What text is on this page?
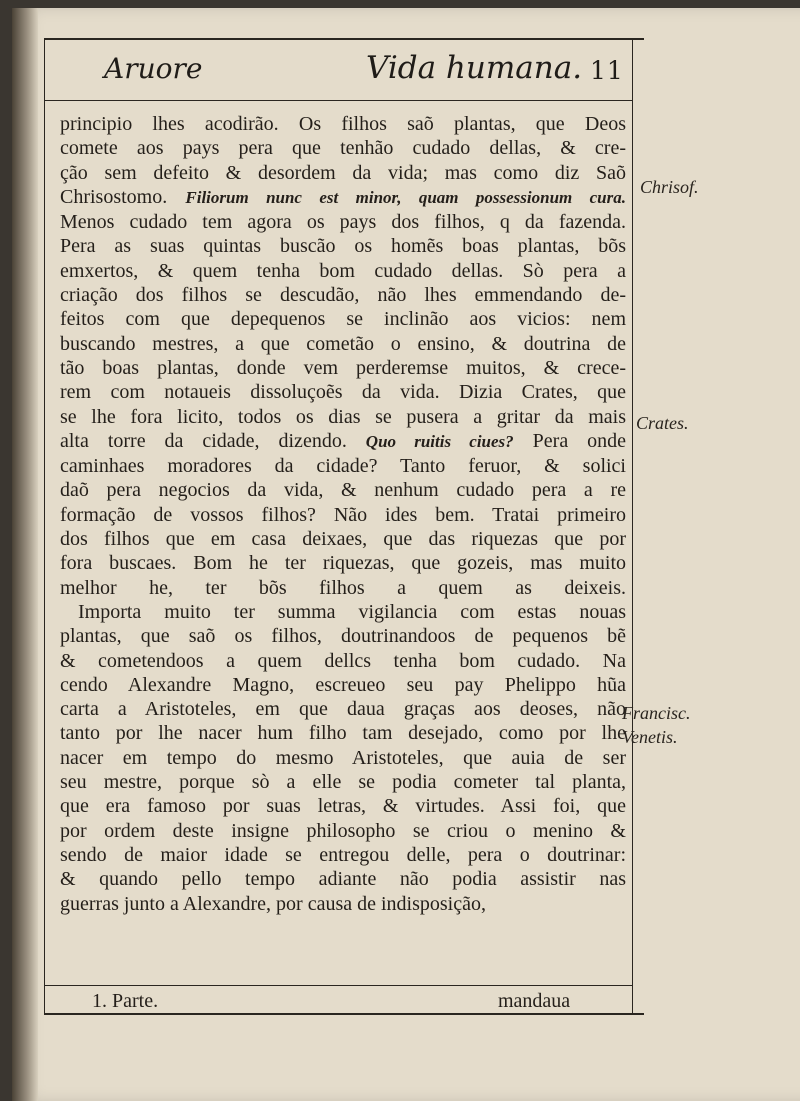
Aruore	Vida humana. 11
principio lhes acodirão. Os filhos saõ plantas, que Deos
comete aos pays pera que tenhão cudado dellas, & cre-
ção sem defeito & desordem da vida; mas como diz Saõ
Chrisostomo. Filiorum nunc est minor, quam possessionum cura.
Menos cudado tem agora os pays dos filhos, q da fazenda.
Pera as suas quintas buscão os homẽs boas plantas, bõs
emxertos, & quem tenha bom cudado dellas. Sò pera a
criação dos filhos se descudão, não lhes emmendando de-
feitos com que depequenos se inclinão aos vicios: nem
buscando mestres, a que cometão o ensino, & doutrina de
tão boas plantas, donde vem perderemse muitos, & crece-
rem com notaueis dissoluçoẽs da vida. Dizia Crates, que
se lhe fora licito, todos os dias se pusera a gritar da mais
alta torre da cidade, dizendo. Quo ruitis ciues? Pera onde
caminhaes moradores da cidade? Tanto feruor, & solici
daõ pera negocios da vida, & nenhum cudado pera a re
formação de vossos filhos? Não ides bem. Tratai primeiro
dos filhos que em casa deixaes, que das riquezas que por
fora buscaes. Bom he ter riquezas, que gozeis, mas muito
melhor he, ter bõs filhos a quem as deixeis.
Importa muito ter summa vigilancia com estas nouas
plantas, que saõ os filhos, doutrinandoos de pequenos bẽ
& cometendoos a quem dellcs tenha bom cudado. Na
cendo Alexandre Magno, escreueo seu pay Phelippo hũa
carta a Aristoteles, em que daua graças aos deoses, não
tanto por lhe nacer hum filho tam desejado, como por lhe
nacer em tempo do mesmo Aristoteles, que auia de ser
seu mestre, porque sò a elle se podia cometer tal planta,
que era famoso por suas letras, & virtudes. Assi foi, que
por ordem deste insigne philosopho se criou o menino &
sendo de maior idade se entregou delle, pera o doutrinar:
& quando pello tempo adiante não podia assistir nas
guerras junto a Alexandre, por causa de indisposição,
Chrisof.
Crates.
Francisc.
Venetis.
1. Parte.	mandaua
